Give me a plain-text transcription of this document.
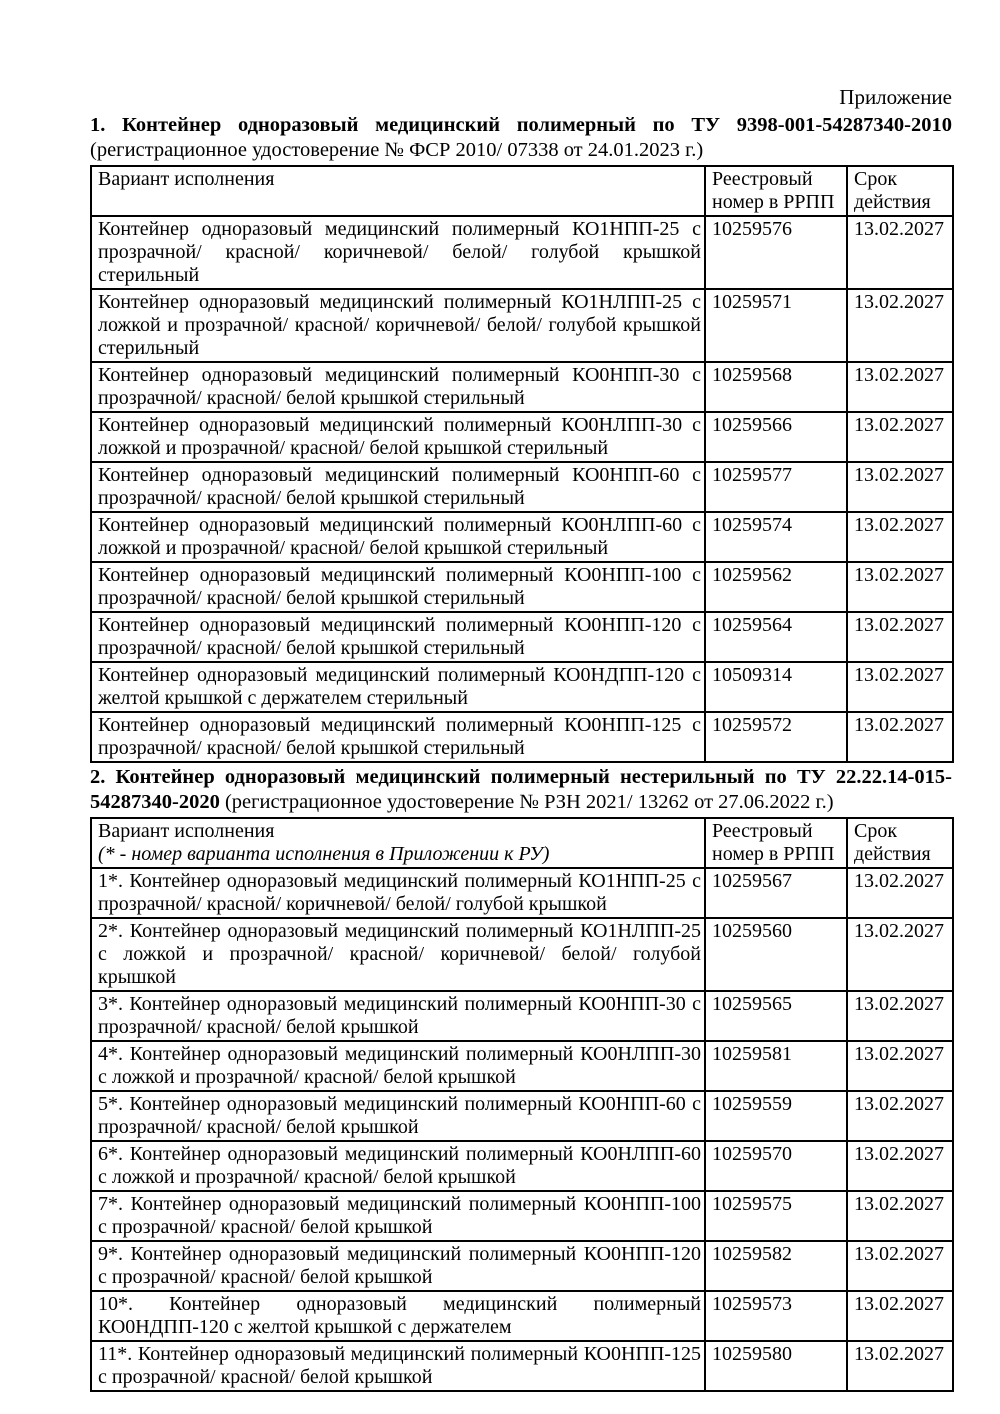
Приложение
1. Контейнер одноразовый медицинский полимерный по ТУ 9398-001-54287340-2010
(регистрационное удостоверение № ФСР 2010/ 07338 от 24.01.2023 г.)
Вариант исполнения	Реестровый номер в РРПП	Срок действия
Контейнер одноразовый медицинский полимерный КО1НПП-25 с прозрачной/ красной/ коричневой/ белой/ голубой крышкой стерильный	10259576	13.02.2027
Контейнер одноразовый медицинский полимерный КО1НЛПП-25 с ложкой и прозрачной/ красной/ коричневой/ белой/ голубой крышкой стерильный	10259571	13.02.2027
Контейнер одноразовый медицинский полимерный КО0НПП-30 с прозрачной/ красной/ белой крышкой стерильный	10259568	13.02.2027
Контейнер одноразовый медицинский полимерный КО0НЛПП-30 с ложкой и прозрачной/ красной/ белой крышкой стерильный	10259566	13.02.2027
Контейнер одноразовый медицинский полимерный КО0НПП-60 с прозрачной/ красной/ белой крышкой стерильный	10259577	13.02.2027
Контейнер одноразовый медицинский полимерный КО0НЛПП-60 с ложкой и прозрачной/ красной/ белой крышкой стерильный	10259574	13.02.2027
Контейнер одноразовый медицинский полимерный КО0НПП-100 с прозрачной/ красной/ белой крышкой стерильный	10259562	13.02.2027
Контейнер одноразовый медицинский полимерный КО0НПП-120 с прозрачной/ красной/ белой крышкой стерильный	10259564	13.02.2027
Контейнер одноразовый медицинский полимерный КО0НДПП-120 с желтой крышкой с держателем стерильный	10509314	13.02.2027
Контейнер одноразовый медицинский полимерный КО0НПП-125 с прозрачной/ красной/ белой крышкой стерильный	10259572	13.02.2027
2. Контейнер одноразовый медицинский полимерный нестерильный по ТУ 22.22.14-015-
54287340-2020 (регистрационное удостоверение № РЗН 2021/ 13262 от 27.06.2022 г.)
Вариант исполнения
(* - номер варианта исполнения в Приложении к РУ)	Реестровый номер в РРПП	Срок действия
1*. Контейнер одноразовый медицинский полимерный КО1НПП-25 с прозрачной/ красной/ коричневой/ белой/ голубой крышкой	10259567	13.02.2027
2*. Контейнер одноразовый медицинский полимерный КО1НЛПП-25 с ложкой и прозрачной/ красной/ коричневой/ белой/ голубой крышкой	10259560	13.02.2027
3*. Контейнер одноразовый медицинский полимерный КО0НПП-30 с прозрачной/ красной/ белой крышкой	10259565	13.02.2027
4*. Контейнер одноразовый медицинский полимерный КО0НЛПП-30 с ложкой и прозрачной/ красной/ белой крышкой	10259581	13.02.2027
5*. Контейнер одноразовый медицинский полимерный КО0НПП-60 с прозрачной/ красной/ белой крышкой	10259559	13.02.2027
6*. Контейнер одноразовый медицинский полимерный КО0НЛПП-60 с ложкой и прозрачной/ красной/ белой крышкой	10259570	13.02.2027
7*. Контейнер одноразовый медицинский полимерный КО0НПП-100 с прозрачной/ красной/ белой крышкой	10259575	13.02.2027
9*. Контейнер одноразовый медицинский полимерный КО0НПП-120 с прозрачной/ красной/ белой крышкой	10259582	13.02.2027
10*. Контейнер одноразовый медицинский полимерный КО0НДПП-120 с желтой крышкой с держателем	10259573	13.02.2027
11*. Контейнер одноразовый медицинский полимерный КО0НПП-125 с прозрачной/ красной/ белой крышкой	10259580	13.02.2027
